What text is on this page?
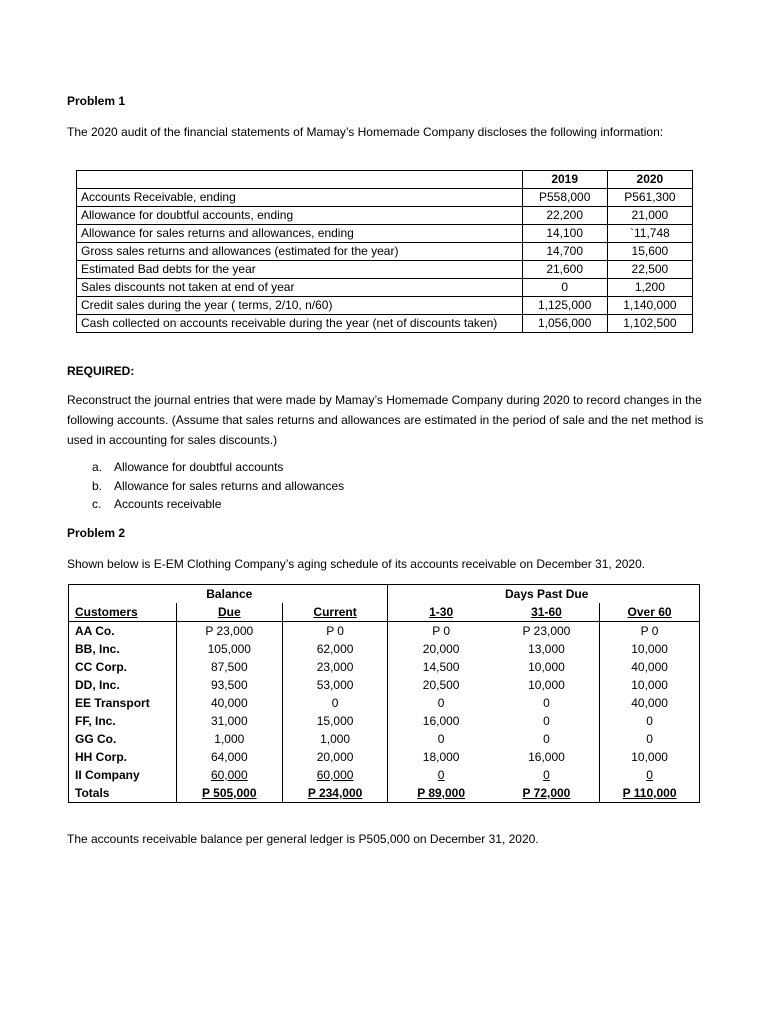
Problem 1
The 2020 audit of the financial statements of Mamay’s Homemade Company discloses the following information:
	2019	2020
Accounts Receivable, ending	P558,000	P561,300
Allowance for doubtful accounts, ending	22,200	21,000
Allowance for sales returns and allowances, ending	14,100	`11,748
Gross sales returns and allowances (estimated for the year)	14,700	15,600
Estimated Bad debts for the year	21,600	22,500
Sales discounts not taken at end of year	0	1,200
Credit sales during the year ( terms, 2/10, n/60)	1,125,000	1,140,000
Cash collected on accounts receivable during the year (net of discounts taken)	1,056,000	1,102,500
REQUIRED:
Reconstruct the journal entries that were made by Mamay’s Homemade Company during 2020 to record changes in the following accounts. (Assume that sales returns and allowances are estimated in the period of sale and the net method is used in accounting for sales discounts.)
a. Allowance for doubtful accounts
b. Allowance for sales returns and allowances
c.	Accounts receivable
Problem 2
Shown below is E-EM Clothing Company’s aging schedule of its accounts receivable on December 31, 2020.
	Balance			Days Past Due	
Customers	Due	Current	1-30	31-60	Over 60
AA Co.	P 23,000	P 0	P 0	P 23,000	P 0
BB, Inc.	105,000	62,000	20,000	13,000	10,000
CC Corp.	87,500	23,000	14,500	10,000	40,000
DD, Inc.	93,500	53,000	20,500	10,000	10,000
EE Transport	40,000	0	0	0	40,000
FF, Inc.	31,000	15,000	16,000	0	0
GG Co.	1,000	1,000	0	0	0
HH Corp.	64,000	20,000	18,000	16,000	10,000
II Company	60,000	60,000	0	0	0
Totals	P 505,000	P 234,000	P 89,000	P 72,000	P 110,000
The accounts receivable balance per general ledger is P505,000 on December 31, 2020.
